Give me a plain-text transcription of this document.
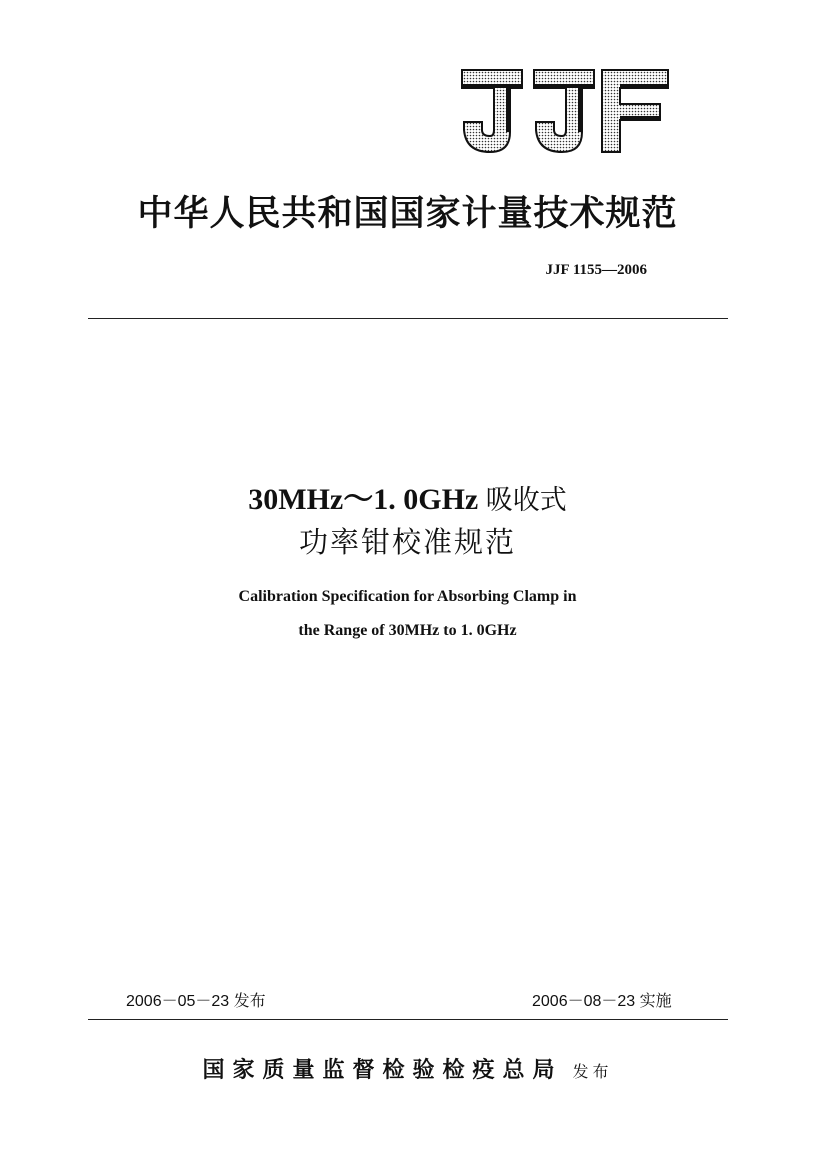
中华人民共和国国家计量技术规范
JJF 1155—2006
30MHz～1. 0GHz 吸收式
功率钳校准规范
Calibration Specification for Absorbing Clamp in
the Range of 30MHz to 1. 0GHz
2006－05－23 发布	2006－08－23 实施
国家质量监督检验检疫总局 发布
